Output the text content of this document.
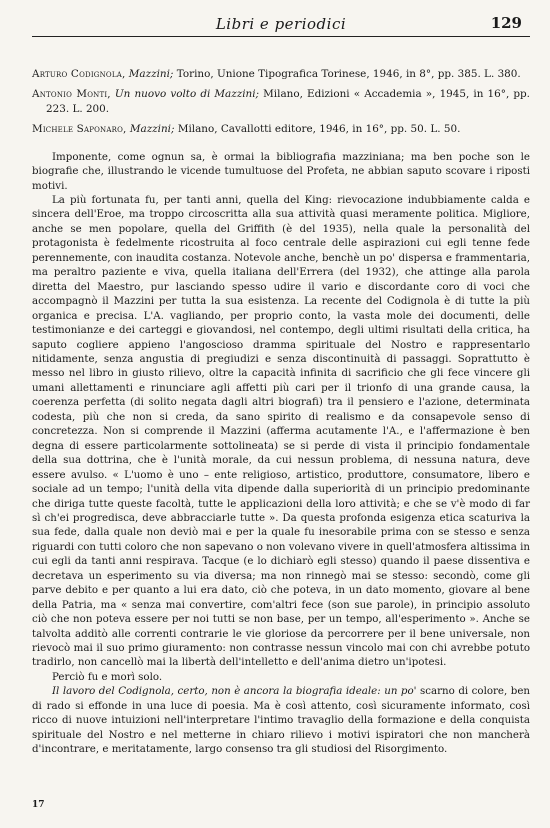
Libri e periodici	129

Arturo Codignola, Mazzini; Torino, Unione Tipografica Torinese, 1946, in 8°, pp. 385. L. 380.

Antonio Monti, Un nuovo volto di Mazzini; Milano, Edizioni « Accademia », 1945, in 16°, pp. 223. L. 200.

Michele Saponaro, Mazzini; Milano, Cavallotti editore, 1946, in 16°, pp. 50. L. 50.

Imponente, come ognun sa, è ormai la bibliografia mazziniana; ma ben poche son le biografie che, illustrando le vicende tumultuose del Profeta, ne abbian saputo scovare i riposti motivi.

La più fortunata fu, per tanti anni, quella del King: rievocazione indubbiamente calda e sincera dell'Eroe, ma troppo circoscritta alla sua attività quasi meramente politica. Migliore, anche se men popolare, quella del Griffith (è del 1935), nella quale la personalità del protagonista è fedelmente ricostruita al foco centrale delle aspirazioni cui egli tenne fede perennemente, con inaudita costanza. Notevole anche, benchè un po' dispersa e frammentaria, ma peraltro paziente e viva, quella italiana dell'Errera (del 1932), che attinge alla parola diretta del Maestro, pur lasciando spesso udire il vario e discordante coro di voci che accompagnò il Mazzini per tutta la sua esistenza. La recente del Codignola è di tutte la più organica e precisa. L'A. vagliando, per proprio conto, la vasta mole dei documenti, delle testimonianze e dei carteggi e giovandosi, nel contempo, degli ultimi risultati della critica, ha saputo cogliere appieno l'angoscioso dramma spirituale del Nostro e rappresentarlo nitidamente, senza angustia di pregiudizi e senza discontinuità di passaggi. Soprattutto è messo nel libro in giusto rilievo, oltre la capacità infinita di sacrificio che gli fece vincere gli umani allettamenti e rinunciare agli affetti più cari per il trionfo di una grande causa, la coerenza perfetta (di solito negata dagli altri biografi) tra il pensiero e l'azione, determinata codesta, più che non si creda, da sano spirito di realismo e da consapevole senso di concretezza. Non si comprende il Mazzini (afferma acutamente l'A., e l'affermazione è ben degna di essere particolarmente sottolineata) se si perde di vista il principio fondamentale della sua dottrina, che è l'unità morale, da cui nessun problema, di nessuna natura, deve essere avulso. « L'uomo è uno – ente religioso, artistico, produttore, consumatore, libero e sociale ad un tempo; l'unità della vita dipende dalla superiorità di un principio predominante che diriga tutte queste facoltà, tutte le applicazioni della loro attività; e che se v'è modo di far sì ch'ei progredisca, deve abbracciarle tutte ». Da questa profonda esigenza etica scaturiva la sua fede, dalla quale non deviò mai e per la quale fu inesorabile prima con se stesso e senza riguardi con tutti coloro che non sapevano o non volevano vivere in quell'atmosfera altissima in cui egli da tanti anni respirava. Tacque (e lo dichiarò egli stesso) quando il paese dissentiva e decretava un esperimento su via diversa; ma non rinnegò mai se stesso: secondò, come gli parve debito e per quanto a lui era dato, ciò che poteva, in un dato momento, giovare al bene della Patria, ma « senza mai convertire, com'altri fece (son sue parole), in principio assoluto ciò che non poteva essere per noi tutti se non base, per un tempo, all'esperimento ». Anche se talvolta additò alle correnti contrarie le vie gloriose da percorrere per il bene universale, non rievocò mai il suo primo giuramento: non contrasse nessun vincolo mai con chi avrebbe potuto tradirlo, non cancellò mai la libertà dell'intelletto e dell'anima dietro un'ipotesi.

Perciò fu e morì solo.

Il lavoro del Codignola, certo, non è ancora la biografia ideale: un po' scarno di colore, ben di rado si effonde in una luce di poesia. Ma è così attento, così sicuramente informato, così ricco di nuove intuizioni nell'interpretare l'intimo travaglio della formazione e della conquista spirituale del Nostro e nel metterne in chiaro rilievo i motivi ispiratori che non mancherà d'incontrare, e meritatamente, largo consenso tra gli studiosi del Risorgimento.

17
